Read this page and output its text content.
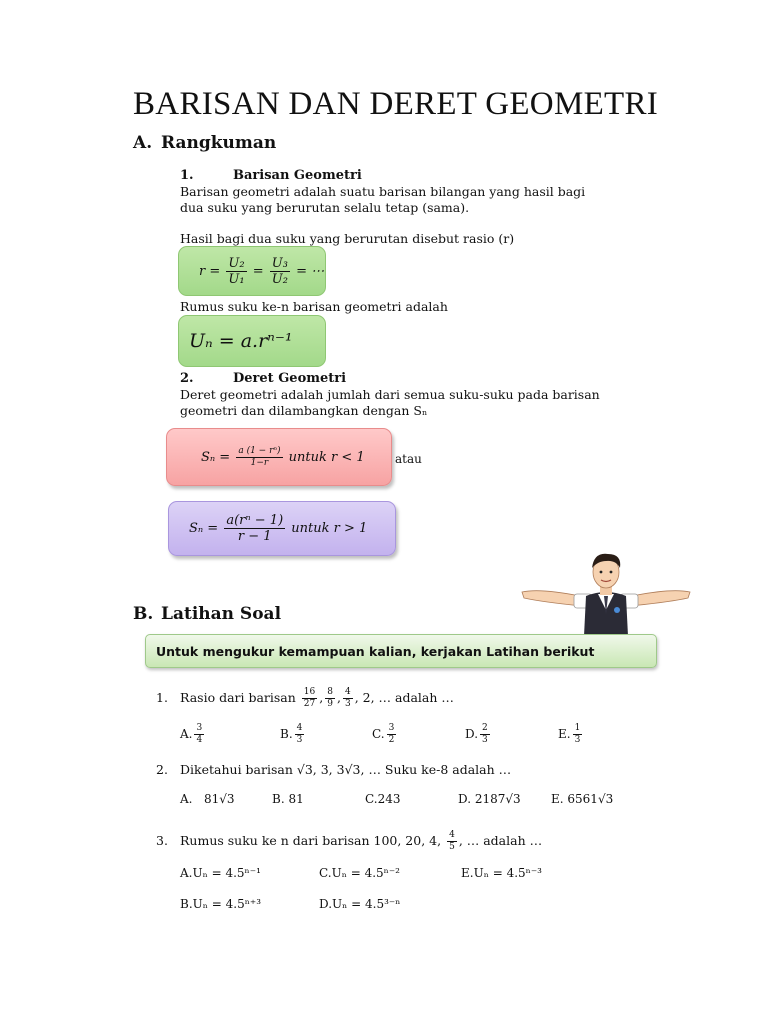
BARISAN DAN DERET GEOMETRI
A. Rangkuman
1.	Barisan Geometri

Barisan geometri adalah suatu barisan bilangan yang hasil bagi dua suku yang berurutan selalu tetap (sama).

Hasil bagi dua suku yang berurutan disebut rasio (r)
$r = \frac{\text{U₂}}{\text{U₁}} = \frac{\text{U₃}}{\text{U₂}}$ = ⋯
Rumus suku ke-n barisan geometri adalah
Uₙ = a.rⁿ⁻¹
2.	Deret Geometri

Deret geometri adalah jumlah dari semua suku-suku pada barisan geometri dan dilambangkan dengan Sₙ

$S_n = \frac{\text{a (1 − rⁿ)}}{1-r}$ untuk r < 1	atau
$S_n = \frac{\text{a(rⁿ − 1)}}{r - 1}$ untuk r > 1
B. Latihan Soal
Untuk mengukur kemampuan kalian, kerjakan Latihan berikut
1. Rasio dari barisan $\frac{16}{27}$ , $\frac{8}{9}$ , $\frac{4}{3}$ , 2, … adalah …
A. $\frac{3}{4}$	B. $\frac{4}{3}$	C. $\frac{3}{2}$	D. $\frac{2}{3}$	E. $\frac{1}{3}$
2. Diketahui barisan √3, 3, 3√3, … Suku ke-8 adalah …
A. 81√3	B. 81	C.243	D. 2187√3	E. 6561√3
3. Rumus suku ke n dari barisan 100, 20, 4, $\frac{4}{5}$ , … adalah …
A.Uₙ = 4.5ⁿ⁻¹	C.Uₙ = 4.5ⁿ⁻²	E.Uₙ = 4.5ⁿ⁻³
B.Uₙ = 4.5ⁿ⁺³	D.Uₙ = 4.5³⁻ⁿ
